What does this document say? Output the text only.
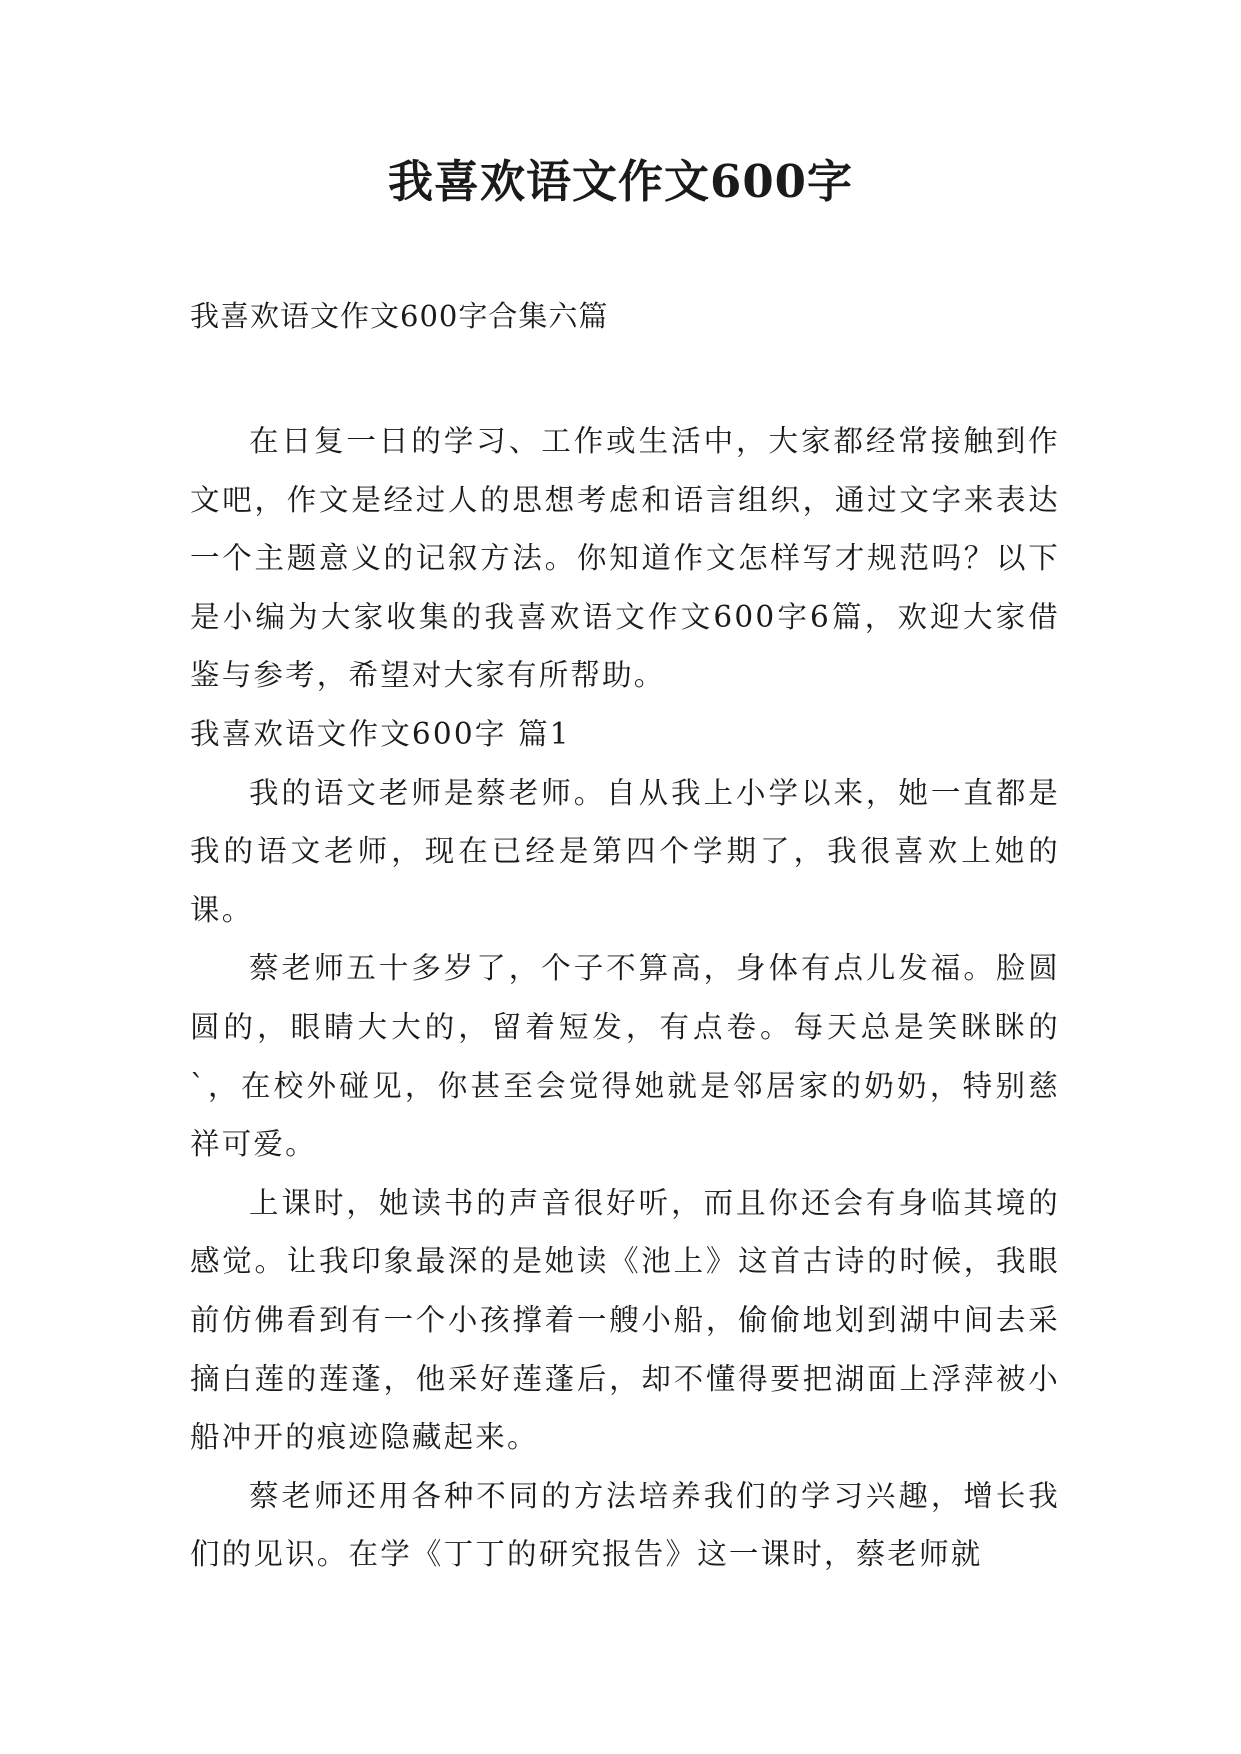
我喜欢语文作文600字
我喜欢语文作文600字合集六篇

在日复一日的学习、工作或生活中，大家都经常接触到作文吧，作文是经过人的思想考虑和语言组织，通过文字来表达一个主题意义的记叙方法。你知道作文怎样写才规范吗？以下是小编为大家收集的我喜欢语文作文600字6篇，欢迎大家借鉴与参考，希望对大家有所帮助。

我喜欢语文作文600字 篇1

我的语文老师是蔡老师。自从我上小学以来，她一直都是我的语文老师，现在已经是第四个学期了，我很喜欢上她的课。

蔡老师五十多岁了，个子不算高，身体有点儿发福。脸圆圆的，眼睛大大的，留着短发，有点卷。每天总是笑眯眯的`，在校外碰见，你甚至会觉得她就是邻居家的奶奶，特别慈祥可爱。

上课时，她读书的声音很好听，而且你还会有身临其境的感觉。让我印象最深的是她读《池上》这首古诗的时候，我眼前仿佛看到有一个小孩撑着一艘小船，偷偷地划到湖中间去采摘白莲的莲蓬，他采好莲蓬后，却不懂得要把湖面上浮萍被小船冲开的痕迹隐藏起来。

蔡老师还用各种不同的方法培养我们的学习兴趣，增长我们的见识。在学《丁丁的研究报告》这一课时，蔡老师就
